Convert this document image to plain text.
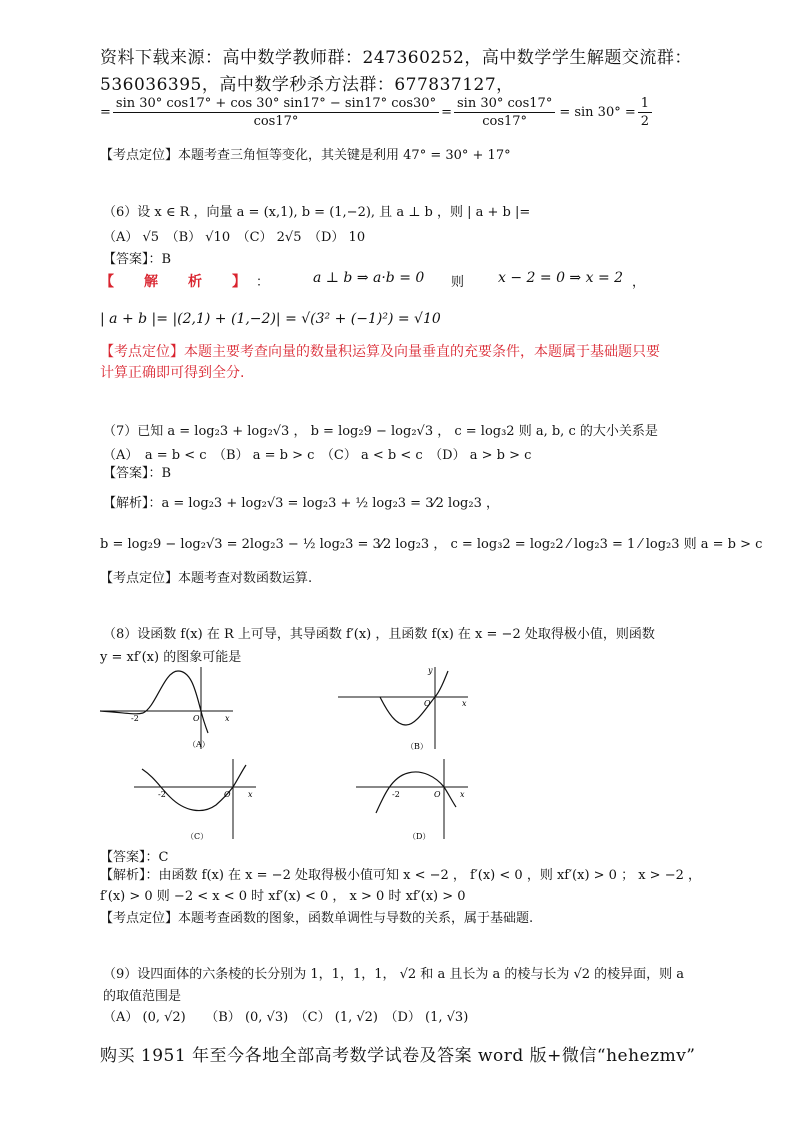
资料下载来源：高中数学教师群：247360252，高中数学学生解题交流群：
536036395，高中数学秒杀方法群：677837127，
= $\frac{\sin 30^\circ \cos 17^\circ + \cos 30^\circ \sin 17^\circ - \sin 17^\circ \cos 30^\circ}{\cos 17^\circ} = \frac{\sin 30^\circ \cos 17^\circ}{\cos 17^\circ} = \sin 30^\circ = \frac{1}{2}$
【考点定位】本题考查三角恒等变化，其关键是利用 47° = 30° + 17°
（6）设 x ∈ R ，向量 a = (x,1), b = (1,−2), 且 a ⊥ b ，则 | a + b |=
（A） √5　（B） √10　（C） 2√5　（D） 10
【答案】：B
【　解　析　】 ：	a ⊥ b ⇒ a·b = 0 则 x − 2 = 0 ⇒ x = 2 ，
| a + b |= |(2,1) + (1,−2)| = √(3² + (−1)²) = √10
【考点定位】本题主要考查向量的数量积运算及向量垂直的充要条件，本题属于基础题只要
计算正确即可得到全分.
（7）已知 a = log₂3 + log₂√3 ， b = log₂9 − log₂√3 ， c = log₃2 则 a, b, c 的大小关系是
（A）　a = b < c　（B） a = b > c　（C） a < b < c　（D） a > b > c
【答案】：B
【解析】：a = log₂3 + log₂√3 = log₂3 + ½ log₂3 = 3⁄2 log₂3 ，
b = log₂9 − log₂√3 = 2log₂3 − ½ log₂3 = 3⁄2 log₂3 ， c = log₃2 = log₂2 ⁄ log₂3 = 1 ⁄ log₂3 则 a = b > c
【考点定位】本题考查对数函数运算.
（8）设函数 f(x) 在 R 上可导，其导函数 f′(x) ，且函数 f(x) 在 x = −2 处取得极小值，则函数
y = xf′(x) 的图象可能是
-2	O	x
（A）
O	x
y
（B）
-2	O x
（C）
-2	O x
（D）
【答案】：C
【解析】：由函数 f(x) 在 x = −2 处取得极小值可知 x < −2 ， f′(x) < 0 ，则 xf′(x) > 0 ； x > −2 ，
f′(x) > 0 则 −2 < x < 0 时 xf′(x) < 0 ， x > 0 时 xf′(x) > 0
【考点定位】本题考查函数的图象，函数单调性与导数的关系，属于基础题.
（9）设四面体的六条棱的长分别为 1，1，1，1， √2 和 a 且长为 a 的棱与长为 √2 的棱异面，则 a
的取值范围是
（A） (0, √2)　　（B） (0, √3)　（C） (1, √2)　（D） (1, √3)
购买 1951 年至今各地全部高考数学试卷及答案 word 版+微信“hehezmv”
